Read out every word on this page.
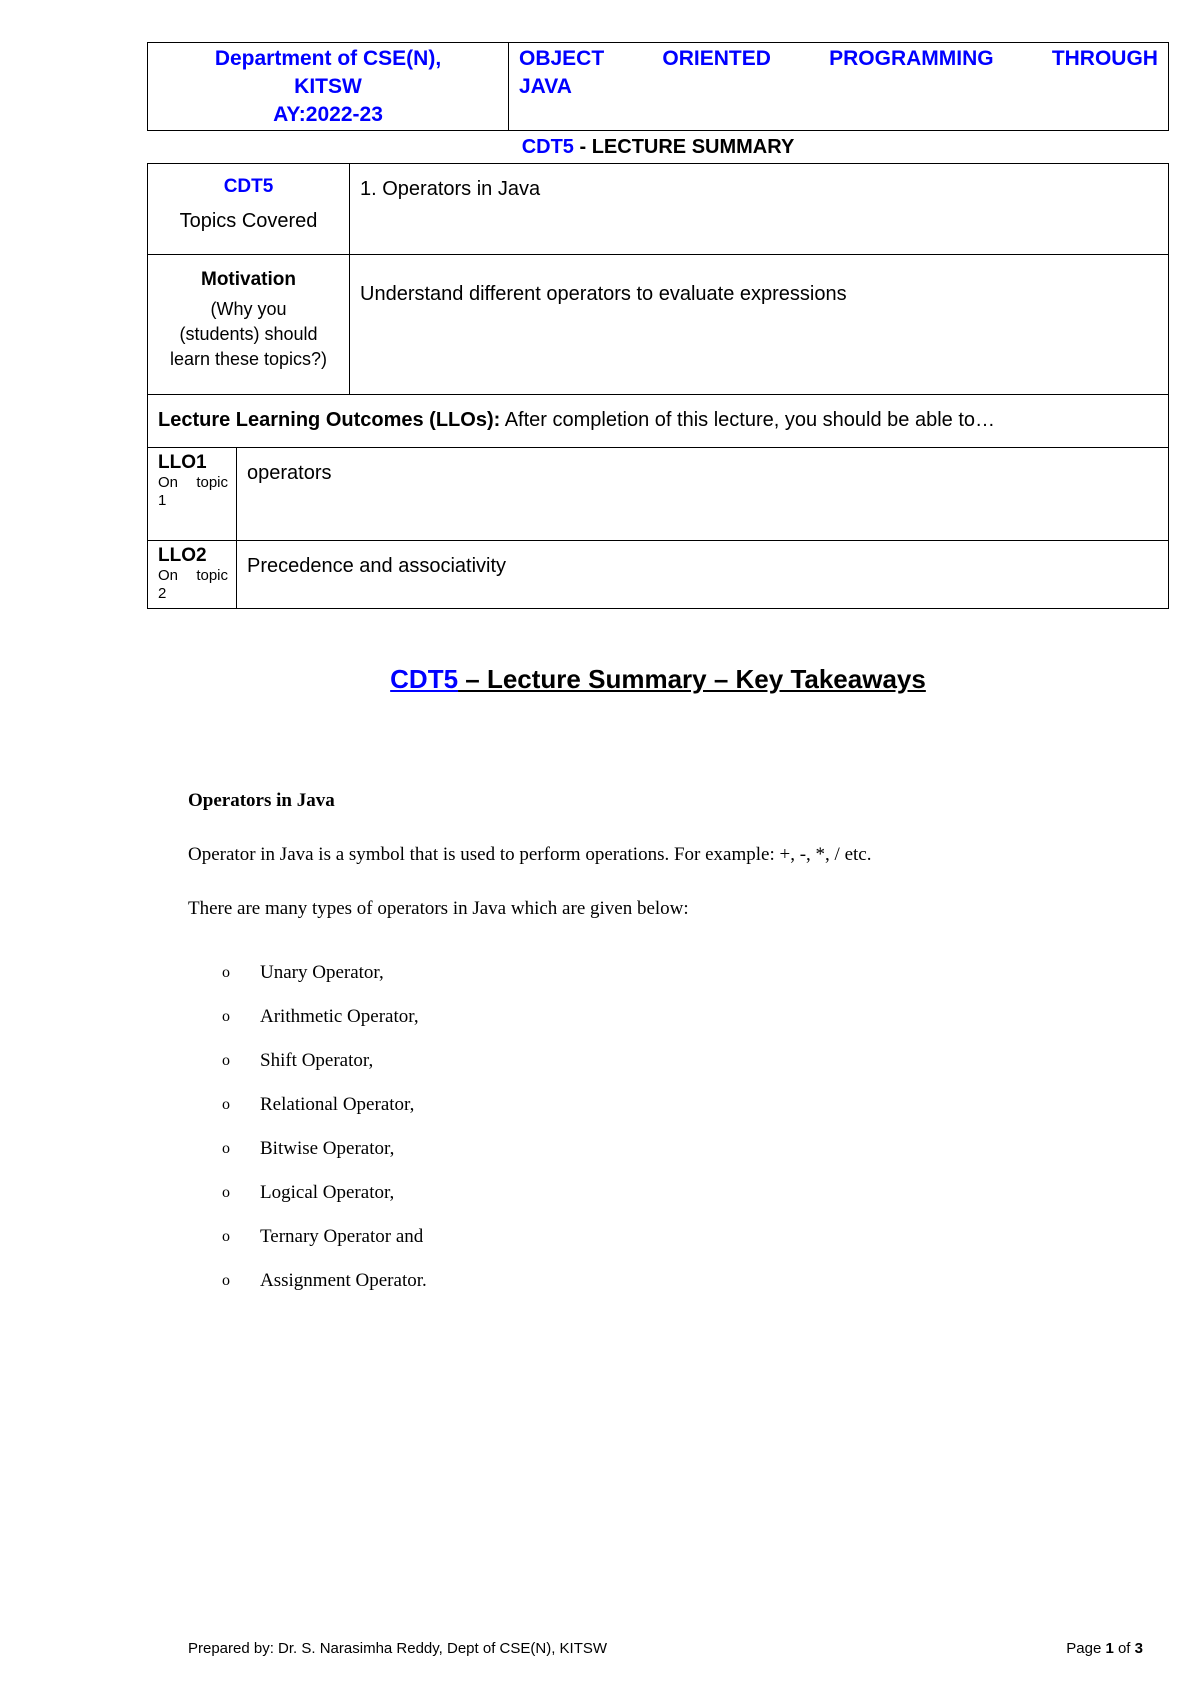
Department of CSE(N),
KITSW
AY:2022-23
OBJECT	ORIENTED	PROGRAMMING	THROUGH
JAVA
CDT5 - LECTURE SUMMARY
CDT5
Topics Covered		1. Operators in Java

Motivation
(Why you
(students) should
learn these topics?)		Understand different operators to evaluate expressions

Lecture Learning Outcomes (LLOs): After completion of this lecture, you should be able to…		

LLO1
On topic
1	operators	

LLO2
On topic
2	Precedence and associativity	
CDT5 – Lecture Summary – Key Takeaways
Operators in Java
Operator in Java is a symbol that is used to perform operations. For example: +, -, *, / etc.
There are many types of operators in Java which are given below:
o	Unary Operator,
o	Arithmetic Operator,
o	Shift Operator,
o	Relational Operator,
o	Bitwise Operator,
o	Logical Operator,
o	Ternary Operator and
o	Assignment Operator.
Prepared by: Dr. S. Narasimha Reddy, Dept of CSE(N), KITSW	Page 1 of 3
